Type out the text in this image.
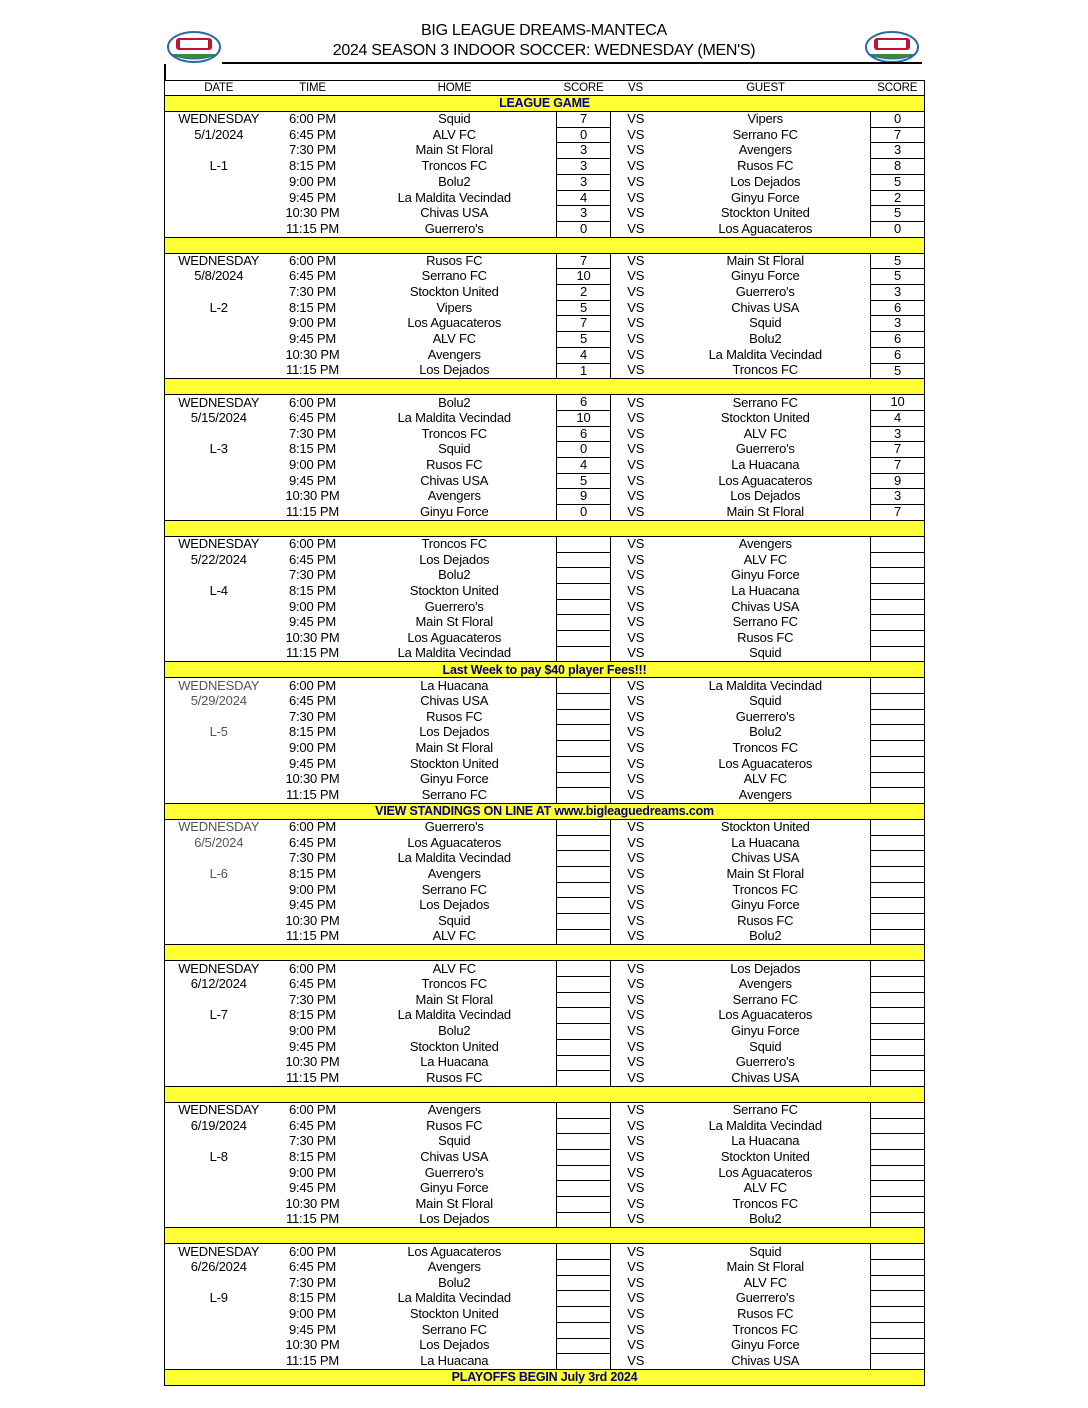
BIG LEAGUE DREAMS-MANTECA
2024 SEASON 3 INDOOR SOCCER: WEDNESDAY (MEN'S)
DATE	TIME	HOME	SCORE	VS	GUEST	SCORE
LEAGUE GAME						
WEDNESDAY	6:00 PM	Squid	7	VS	Vipers	0
5/1/2024	6:45 PM	ALV FC	0	VS	Serrano FC	7
	7:30 PM	Main St Floral	3	VS	Avengers	3
L-1	8:15 PM	Troncos FC	3	VS	Rusos FC	8
	9:00 PM	Bolu2	3	VS	Los Dejados	5
	9:45 PM	La Maldita Vecindad	4	VS	Ginyu Force	2
	10:30 PM	Chivas USA	3	VS	Stockton United	5
	11:15 PM	Guerrero's	0	VS	Los Aguacateros	0

WEDNESDAY	6:00 PM	Rusos FC	7	VS	Main St Floral	5
5/8/2024	6:45 PM	Serrano FC	10	VS	Ginyu Force	5
	7:30 PM	Stockton United	2	VS	Guerrero's	3
L-2	8:15 PM	Vipers	5	VS	Chivas USA	6
	9:00 PM	Los Aguacateros	7	VS	Squid	3
	9:45 PM	ALV FC	5	VS	Bolu2	6
	10:30 PM	Avengers	4	VS	La Maldita Vecindad	6
	11:15 PM	Los Dejados	1	VS	Troncos FC	5

WEDNESDAY	6:00 PM	Bolu2	6	VS	Serrano FC	10
5/15/2024	6:45 PM	La Maldita Vecindad	10	VS	Stockton United	4
	7:30 PM	Troncos FC	6	VS	ALV FC	3
L-3	8:15 PM	Squid	0	VS	Guerrero's	7
	9:00 PM	Rusos FC	4	VS	La Huacana	7
	9:45 PM	Chivas USA	5	VS	Los Aguacateros	9
	10:30 PM	Avengers	9	VS	Los Dejados	3
	11:15 PM	Ginyu Force	0	VS	Main St Floral	7

WEDNESDAY	6:00 PM	Troncos FC		VS	Avengers	
5/22/2024	6:45 PM	Los Dejados		VS	ALV FC	
	7:30 PM	Bolu2		VS	Ginyu Force	
L-4	8:15 PM	Stockton United		VS	La Huacana	
	9:00 PM	Guerrero's		VS	Chivas USA	
	9:45 PM	Main St Floral		VS	Serrano FC	
	10:30 PM	Los Aguacateros		VS	Rusos FC	
	11:15 PM	La Maldita Vecindad		VS	Squid	
Last Week to pay $40 player Fees!!!						
WEDNESDAY	6:00 PM	La Huacana		VS	La Maldita Vecindad	
5/29/2024	6:45 PM	Chivas USA		VS	Squid	
	7:30 PM	Rusos FC		VS	Guerrero's	
L-5	8:15 PM	Los Dejados		VS	Bolu2	
	9:00 PM	Main St Floral		VS	Troncos FC	
	9:45 PM	Stockton United		VS	Los Aguacateros	
	10:30 PM	Ginyu Force		VS	ALV FC	
	11:15 PM	Serrano FC		VS	Avengers	
VIEW STANDINGS ON LINE AT www.bigleaguedreams.com						
WEDNESDAY	6:00 PM	Guerrero's		VS	Stockton United	
6/5/2024	6:45 PM	Los Aguacateros		VS	La Huacana	
	7:30 PM	La Maldita Vecindad		VS	Chivas USA	
L-6	8:15 PM	Avengers		VS	Main St Floral	
	9:00 PM	Serrano FC		VS	Troncos FC	
	9:45 PM	Los Dejados		VS	Ginyu Force	
	10:30 PM	Squid		VS	Rusos FC	
	11:15 PM	ALV FC		VS	Bolu2	

WEDNESDAY	6:00 PM	ALV FC		VS	Los Dejados	
6/12/2024	6:45 PM	Troncos FC		VS	Avengers	
	7:30 PM	Main St Floral		VS	Serrano FC	
L-7	8:15 PM	La Maldita Vecindad		VS	Los Aguacateros	
	9:00 PM	Bolu2		VS	Ginyu Force	
	9:45 PM	Stockton United		VS	Squid	
	10:30 PM	La Huacana		VS	Guerrero's	
	11:15 PM	Rusos FC		VS	Chivas USA	

WEDNESDAY	6:00 PM	Avengers		VS	Serrano FC	
6/19/2024	6:45 PM	Rusos FC		VS	La Maldita Vecindad	
	7:30 PM	Squid		VS	La Huacana	
L-8	8:15 PM	Chivas USA		VS	Stockton United	
	9:00 PM	Guerrero's		VS	Los Aguacateros	
	9:45 PM	Ginyu Force		VS	ALV FC	
	10:30 PM	Main St Floral		VS	Troncos FC	
	11:15 PM	Los Dejados		VS	Bolu2	

WEDNESDAY	6:00 PM	Los Aguacateros		VS	Squid	
6/26/2024	6:45 PM	Avengers		VS	Main St Floral	
	7:30 PM	Bolu2		VS	ALV FC	
L-9	8:15 PM	La Maldita Vecindad		VS	Guerrero's	
	9:00 PM	Stockton United		VS	Rusos FC	
	9:45 PM	Serrano FC		VS	Troncos FC	
	10:30 PM	Los Dejados		VS	Ginyu Force	
	11:15 PM	La Huacana		VS	Chivas USA	
PLAYOFFS BEGIN July 3rd 2024						
